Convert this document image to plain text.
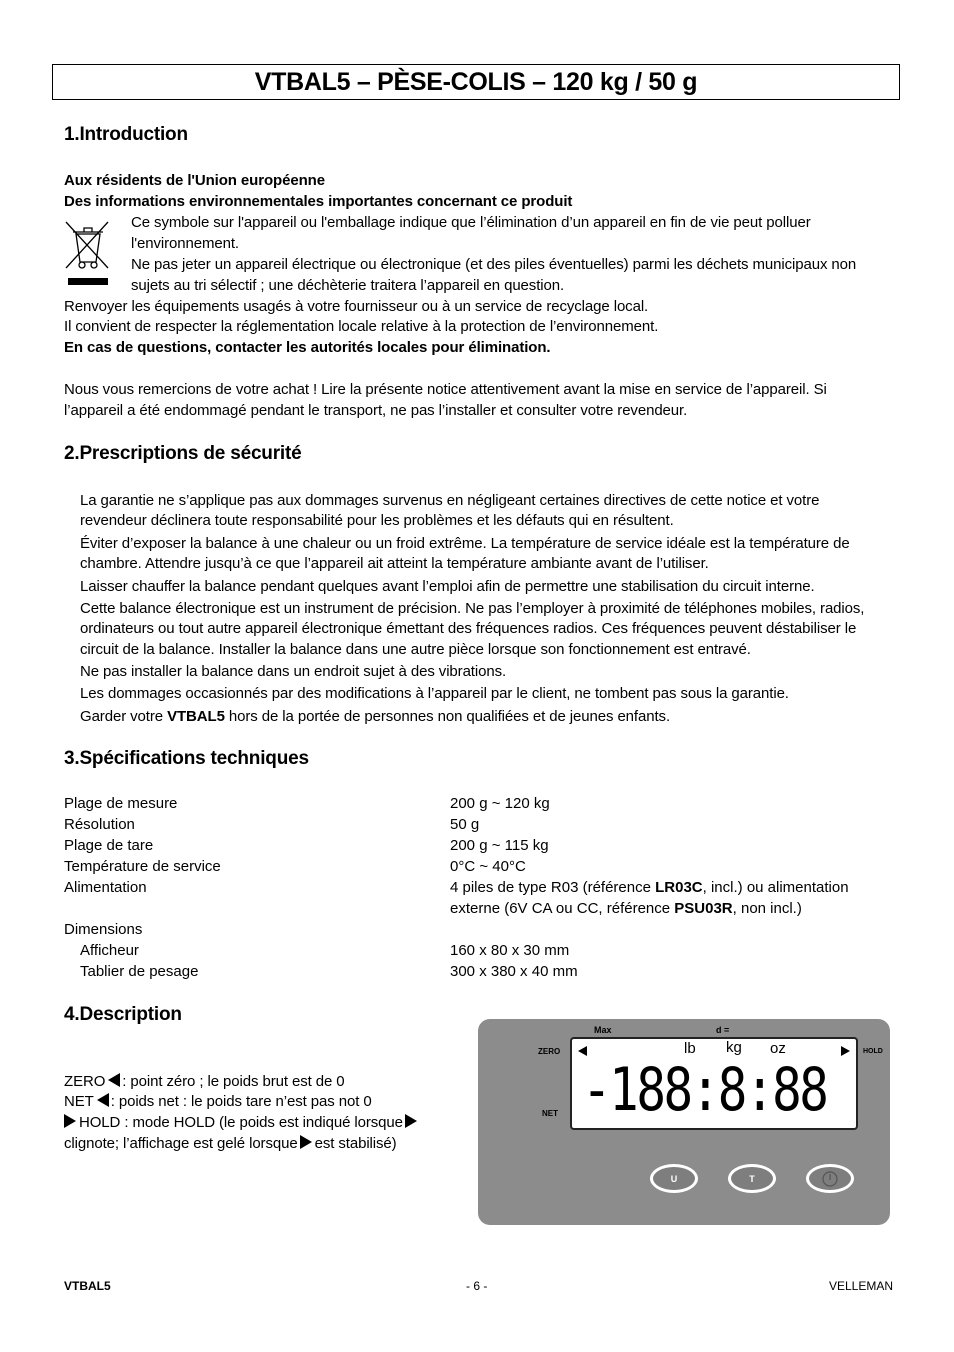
VTBAL5 – PÈSE-COLIS – 120 kg / 50 g
1.Introduction
Aux résidents de l'Union européenne
Des informations environnementales importantes concernant ce produit
Ce symbole sur l'appareil ou l'emballage indique que l’élimination d’un appareil en fin de vie peut polluer
l'environnement.
Ne pas jeter un appareil électrique ou électronique (et des piles éventuelles) parmi les déchets municipaux non
sujets au tri sélectif ; une déchèterie traitera l’appareil en question.
Renvoyer les équipements usagés à votre fournisseur ou à un service de recyclage local.
Il convient de respecter la réglementation locale relative à la protection de l’environnement.
En cas de questions, contacter les autorités locales pour élimination.
Nous vous remercions de votre achat ! Lire la présente notice attentivement avant la mise en service de l’appareil. Si
l’appareil a été endommagé pendant le transport, ne pas l’installer et consulter votre revendeur.
2.Prescriptions de sécurité
La garantie ne s’applique pas aux dommages survenus en négligeant certaines directives de cette notice et votre
revendeur déclinera toute responsabilité pour les problèmes et les défauts qui en résultent.
Éviter d’exposer la balance à une chaleur ou un froid extrême. La température de service idéale est la température de
chambre. Attendre jusqu’à ce que l’appareil ait atteint la température ambiante avant de l’utiliser.
Laisser chauffer la balance pendant quelques avant l’emploi afin de permettre une stabilisation du circuit interne.
Cette balance électronique est un instrument de précision. Ne pas l’employer à proximité de téléphones mobiles, radios,
ordinateurs ou tout autre appareil électronique émettant des fréquences radios. Ces fréquences peuvent déstabiliser le
circuit de la balance. Installer la balance dans une autre pièce lorsque son fonctionnement est entravé.
Ne pas installer la balance dans un endroit sujet à des vibrations.
Les dommages occasionnés par des modifications à l’appareil par le client, ne tombent pas sous la garantie.
Garder votre VTBAL5 hors de la portée de personnes non qualifiées et de jeunes enfants.
3.Spécifications techniques
Plage de mesure	200 g ~ 120 kg
Résolution	50 g
Plage de tare	200 g ~ 115 kg
Température de service	0°C ~ 40°C
Alimentation	4 piles de type R03 (référence LR03C, incl.) ou alimentation
externe (6V CA ou CC, référence PSU03R, non incl.)
Dimensions
Afficheur	160 x 80 x 30 mm
Tablier de pesage	300 x 380 x 40 mm
4.Description
ZERO : point zéro ; le poids brut est de 0
NET : poids net : le poids tare n’est pas not 0
HOLD : mode HOLD (le poids est indiqué lorsque
clignote; l’affichage est gelé lorsque est stabilisé)
Max	d =
ZERO
NET
HOLD
lb kg oz
-188:8:88
U	T
VTBAL5	- 6 -	VELLEMAN
